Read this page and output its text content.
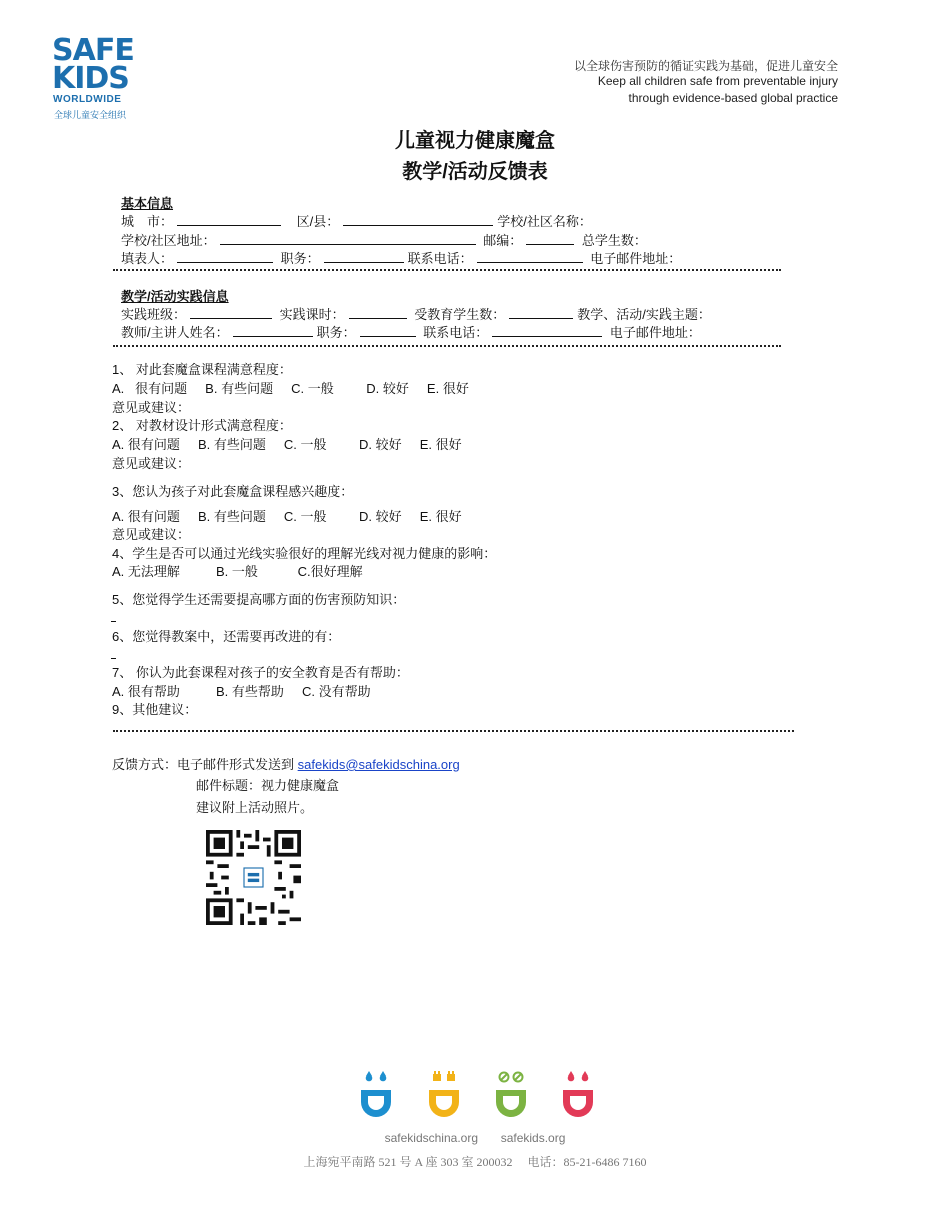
SAFE
KIDS
WORLDWIDE
全球儿童安全组织
以全球伤害预防的循证实践为基础，促进儿童安全
Keep all children safe from preventable injury
through evidence-based global practice
儿童视力健康魔盒
教学/活动反馈表
基本信息
城　市：	区/县：	学校/社区名称：
学校/社区地址：	邮编：	总学生数：
填表人：	职务：	联系电话：	电子邮件地址：
教学/活动实践信息
实践班级：	实践课时：	受教育学生数：	教学、活动/实践主题：
教师/主讲人姓名：	职务：	联系电话：	电子邮件地址：
1、 对此套魔盒课程满意程度：
A.   很有问题     B. 有些问题     C. 一般         D. 较好     E. 很好
意见或建议：
2、 对教材设计形式满意程度：
A. 很有问题     B. 有些问题     C. 一般         D. 较好     E. 很好
意见或建议：
3、您认为孩子对此套魔盒课程感兴趣度：
A. 很有问题     B. 有些问题     C. 一般         D. 较好     E. 很好
意见或建议：
4、学生是否可以通过光线实验很好的理解光线对视力健康的影响：
A. 无法理解          B. 一般           C.很好理解
5、您觉得学生还需要提高哪方面的伤害预防知识：
6、您觉得教案中，还需要再改进的有：
7、 你认为此套课程对孩子的安全教育是否有帮助：
A. 很有帮助          B. 有些帮助     C. 没有帮助
9、其他建议：
反馈方式：电子邮件形式发送到 safekids@safekidschina.org
邮件标题：视力健康魔盒
建议附上活动照片。
safekidschina.org safekids.org
上海宛平南路 521 号 A 座 303 室 200032     电话：85-21-6486 7160
